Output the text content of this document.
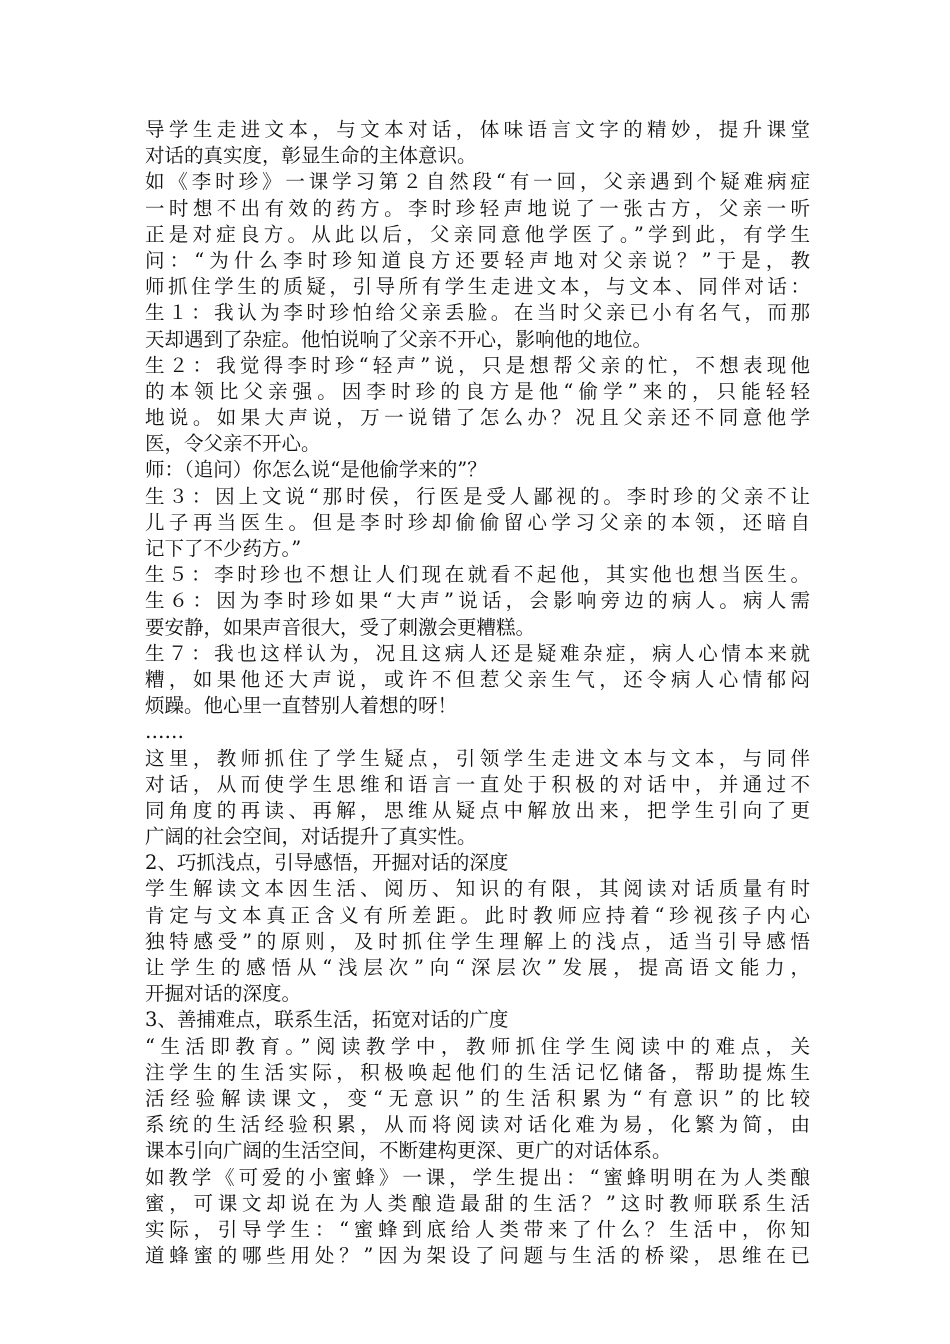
导学生走进文本，与文本对话，体味语言文字的精妙，提升课堂
对话的真实度，彰显生命的主体意识。
如《李时珍》一课学习第２自然段“有一回，父亲遇到个疑难病症
一时想不出有效的药方。李时珍轻声地说了一张古方，父亲一听
正是对症良方。从此以后，父亲同意他学医了。”学到此，有学生
问：“为什么李时珍知道良方还要轻声地对父亲说？”于是，教
师抓住学生的质疑，引导所有学生走进文本，与文本、同伴对话：
生１：我认为李时珍怕给父亲丢脸。在当时父亲已小有名气，而那
天却遇到了杂症。他怕说响了父亲不开心，影响他的地位。
生２：我觉得李时珍“轻声”说，只是想帮父亲的忙，不想表现他
的本领比父亲强。因李时珍的良方是他“偷学”来的，只能轻轻
地说。如果大声说，万一说错了怎么办？况且父亲还不同意他学
医，令父亲不开心。
师：（追问）你怎么说“是他偷学来的”？
生３：因上文说“那时侯，行医是受人鄙视的。李时珍的父亲不让
儿子再当医生。但是李时珍却偷偷留心学习父亲的本领，还暗自
记下了不少药方。”
生５：李时珍也不想让人们现在就看不起他，其实他也想当医生。
生６：因为李时珍如果“大声”说话，会影响旁边的病人。病人需
要安静，如果声音很大，受了刺激会更糟糕。
生７：我也这样认为，况且这病人还是疑难杂症，病人心情本来就
糟，如果他还大声说，或许不但惹父亲生气，还令病人心情郁闷
烦躁。他心里一直替别人着想的呀！
……
这里，教师抓住了学生疑点，引领学生走进文本与文本，与同伴
对话，从而使学生思维和语言一直处于积极的对话中，并通过不
同角度的再读、再解，思维从疑点中解放出来，把学生引向了更
广阔的社会空间，对话提升了真实性。
2、巧抓浅点，引导感悟，开掘对话的深度
学生解读文本因生活、阅历、知识的有限，其阅读对话质量有时
肯定与文本真正含义有所差距。此时教师应持着“珍视孩子内心
独特感受”的原则，及时抓住学生理解上的浅点，适当引导感悟
让学生的感悟从“浅层次”向“深层次”发展，提高语文能力，
开掘对话的深度。
3、善捕难点，联系生活，拓宽对话的广度
“生活即教育。”阅读教学中，教师抓住学生阅读中的难点，关
注学生的生活实际，积极唤起他们的生活记忆储备，帮助提炼生
活经验解读课文，变“无意识”的生活积累为“有意识”的比较
系统的生活经验积累，从而将阅读对话化难为易，化繁为简，由
课本引向广阔的生活空间，不断建构更深、更广的对话体系。
如教学《可爱的小蜜蜂》一课，学生提出：“蜜蜂明明在为人类酿
蜜，可课文却说在为人类酿造最甜的生活？”这时教师联系生活
实际，引导学生：“蜜蜂到底给人类带来了什么？生活中，你知
道蜂蜜的哪些用处？”因为架设了问题与生活的桥梁，思维在已
